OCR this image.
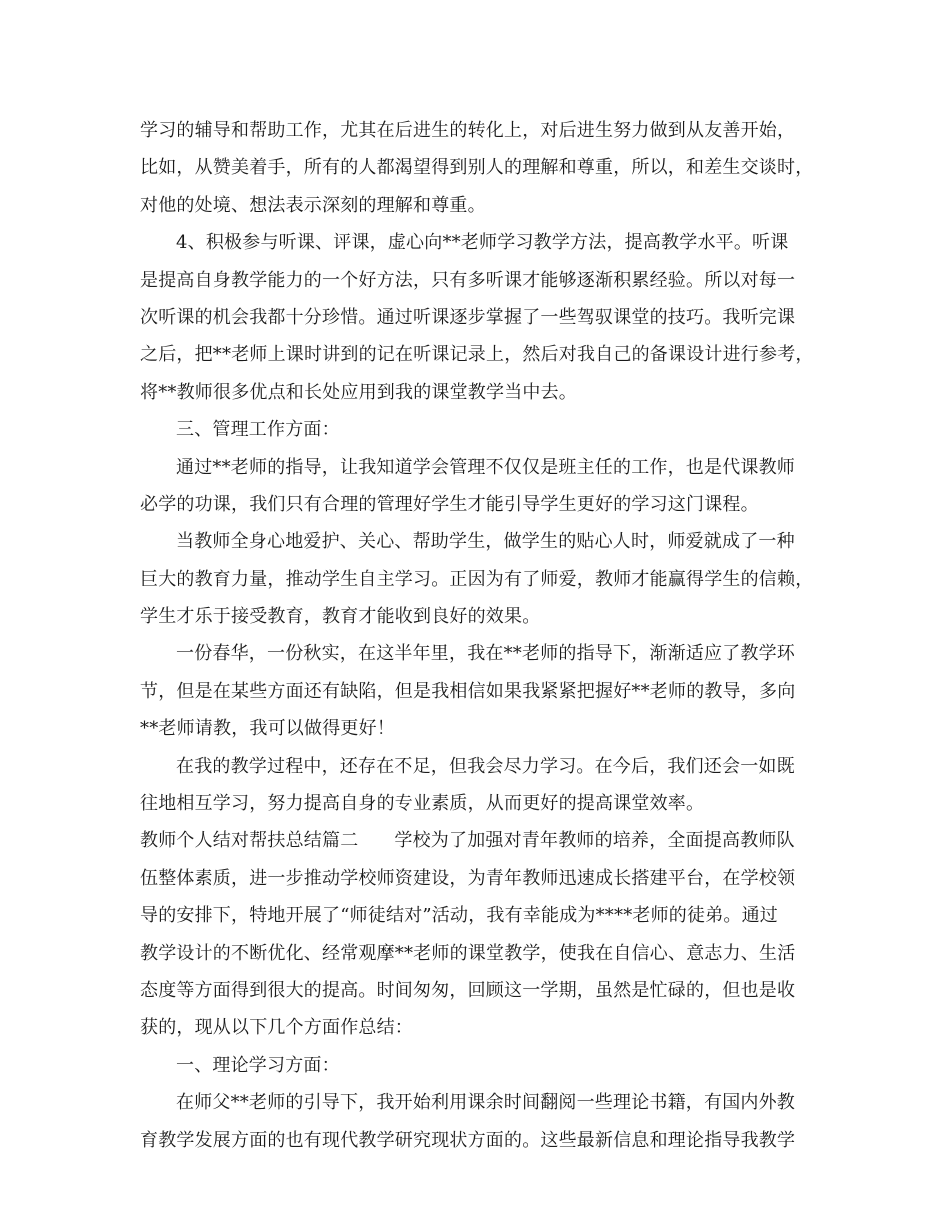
学习的辅导和帮助工作，尤其在后进生的转化上，对后进生努力做到从友善开始，
比如，从赞美着手，所有的人都渴望得到别人的理解和尊重，所以，和差生交谈时，
对他的处境、想法表示深刻的理解和尊重。
4、积极参与听课、评课，虚心向**老师学习教学方法，提高教学水平。听课
是提高自身教学能力的一个好方法，只有多听课才能够逐渐积累经验。所以对每一
次听课的机会我都十分珍惜。通过听课逐步掌握了一些驾驭课堂的技巧。我听完课
之后，把**老师上课时讲到的记在听课记录上，然后对我自己的备课设计进行参考，
将**教师很多优点和长处应用到我的课堂教学当中去。
三、管理工作方面：
通过**老师的指导，让我知道学会管理不仅仅是班主任的工作，也是代课教师
必学的功课，我们只有合理的管理好学生才能引导学生更好的学习这门课程。
当教师全身心地爱护、关心、帮助学生，做学生的贴心人时，师爱就成了一种
巨大的教育力量，推动学生自主学习。正因为有了师爱，教师才能赢得学生的信赖，
学生才乐于接受教育，教育才能收到良好的效果。
一份春华，一份秋实，在这半年里，我在**老师的指导下，渐渐适应了教学环
节，但是在某些方面还有缺陷，但是我相信如果我紧紧把握好**老师的教导，多向
**老师请教，我可以做得更好！
在我的教学过程中，还存在不足，但我会尽力学习。在今后，我们还会一如既
往地相互学习，努力提高自身的专业素质，从而更好的提高课堂效率。
教师个人结对帮扶总结篇二 学校为了加强对青年教师的培养，全面提高教师队
伍整体素质，进一步推动学校师资建设，为青年教师迅速成长搭建平台，在学校领
导的安排下，特地开展了“师徒结对”活动，我有幸能成为****老师的徒弟。通过
教学设计的不断优化、经常观摩**老师的课堂教学，使我在自信心、意志力、生活
态度等方面得到很大的提高。时间匆匆，回顾这一学期，虽然是忙碌的，但也是收
获的，现从以下几个方面作总结：
一、理论学习方面：
在师父**老师的引导下，我开始利用课余时间翻阅一些理论书籍，有国内外教
育教学发展方面的也有现代教学研究现状方面的。这些最新信息和理论指导我教学
